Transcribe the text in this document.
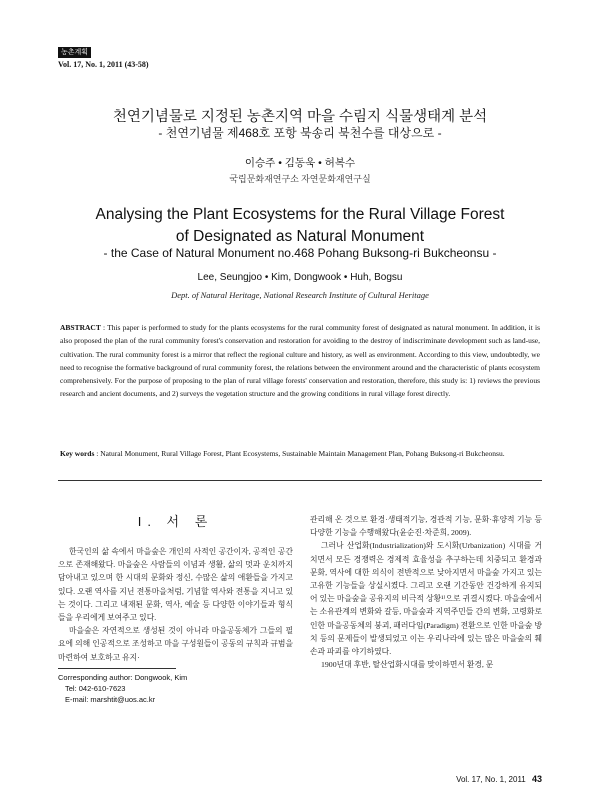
농촌계획
Vol. 17, No. 1, 2011 (43-58)
천연기념물로 지정된 농촌지역 마을 수림지 식물생태계 분석
- 천연기념물 제468호 포항 북송리 북천수를 대상으로 -
이승주 • 김동욱 • 허복수
국립문화재연구소 자연문화재연구실
Analysing the Plant Ecosystems for the Rural Village Forest of Designated as Natural Monument
- the Case of Natural Monument no.468 Pohang Buksong-ri Bukcheonsu -
Lee, Seungjoo • Kim, Dongwook • Huh, Bogsu
Dept. of Natural Heritage, National Research Institute of Cultural Heritage
ABSTRACT : This paper is performed to study for the plants ecosystems for the rural community forest of designated as natural monument. In addition, it is also proposed the plan of the rural community forest's conservation and restoration for avoiding to the destroy of indiscriminate development such as land-use, cultivation. The rural community forest is a mirror that reflect the regional culture and history, as well as environment. According to this view, undoubtedly, we need to recognise the formative background of rural community forest, the relations between the environment around and the characteristic of plants ecosystem comprehensively. For the purpose of proposing to the plan of rural village forests' conservation and restoration, therefore, this study is: 1) reviews the previous research and ancient documents, and 2) surveys the vegetation structure and the growing conditions in rural village forest directly.
Key words : Natural Monument, Rural Village Forest, Plant Ecosystems, Sustainable Maintain Management Plan, Pohang Buksong-ri Bukcheonsu.
I. 서 론

한국인의 삶 속에서 마을숲은 개인의 사적인 공간이자, 공적인 공간으로 존재해왔다. 마을숲은 사람들의 이념과 생활, 삶의 멋과 운치까지 담아내고 있으며 한 시대의 문화와 정신, 수많은 삶의 애환들을 가지고 있다. 오랜 역사를 지닌 전통마을처럼, 기념할 역사와 전통을 지니고 있는 것이다. 그리고 내재된 문화, 역사, 예술 등 다양한 이야기들과 형식들을 우리에게 보여주고 있다.

마을숲은 자연적으로 생성된 것이 아니라 마을공동체가 그들의 필요에 의해 인공적으로 조성하고 마을 구성원들이 공동의 규칙과 규범을 마련하여 보호하고 유지·

관리해 온 것으로 환경·생태적기능, 경관적 기능, 문화·휴양적 기능 등 다양한 기능을 수행해왔다(윤순진·차준희, 2009).

그러나 산업화(Industrialization)와 도시화(Urbanization) 시대를 거치면서 모든 경쟁력은 경제적 효율성을 추구하는데 치중되고 환경과 문화, 역사에 대한 의식이 전반적으로 낮아지면서 마을숲 가지고 있는 고유한 기능들을 상실시켰다. 그리고 오랜 기간동안 건강하게 유지되어 있는 마을숲을 공유지의 비극적 상황¹⁾으로 귀결시켰다. 마을숲에서는 소유관계의 변화와 갈등, 마을숲과 지역주민들 간의 변화, 고령화로 인한 마을공동체의 붕괴, 패러다임(Paradigm) 전환으로 인한 마을숲 방치 등의 문제들이 발생되었고 이는 우리나라에 있는 많은 마을숲의 훼손과 파괴를 야기하였다.

1900년대 후반, 탈산업화시대를 맞이하면서 환경, 문

Corresponding author: Dongwook, Kim
Tel: 042-610-7623
E-mail: marshtit@uos.ac.kr
Vol. 17, No. 1, 2011 43
